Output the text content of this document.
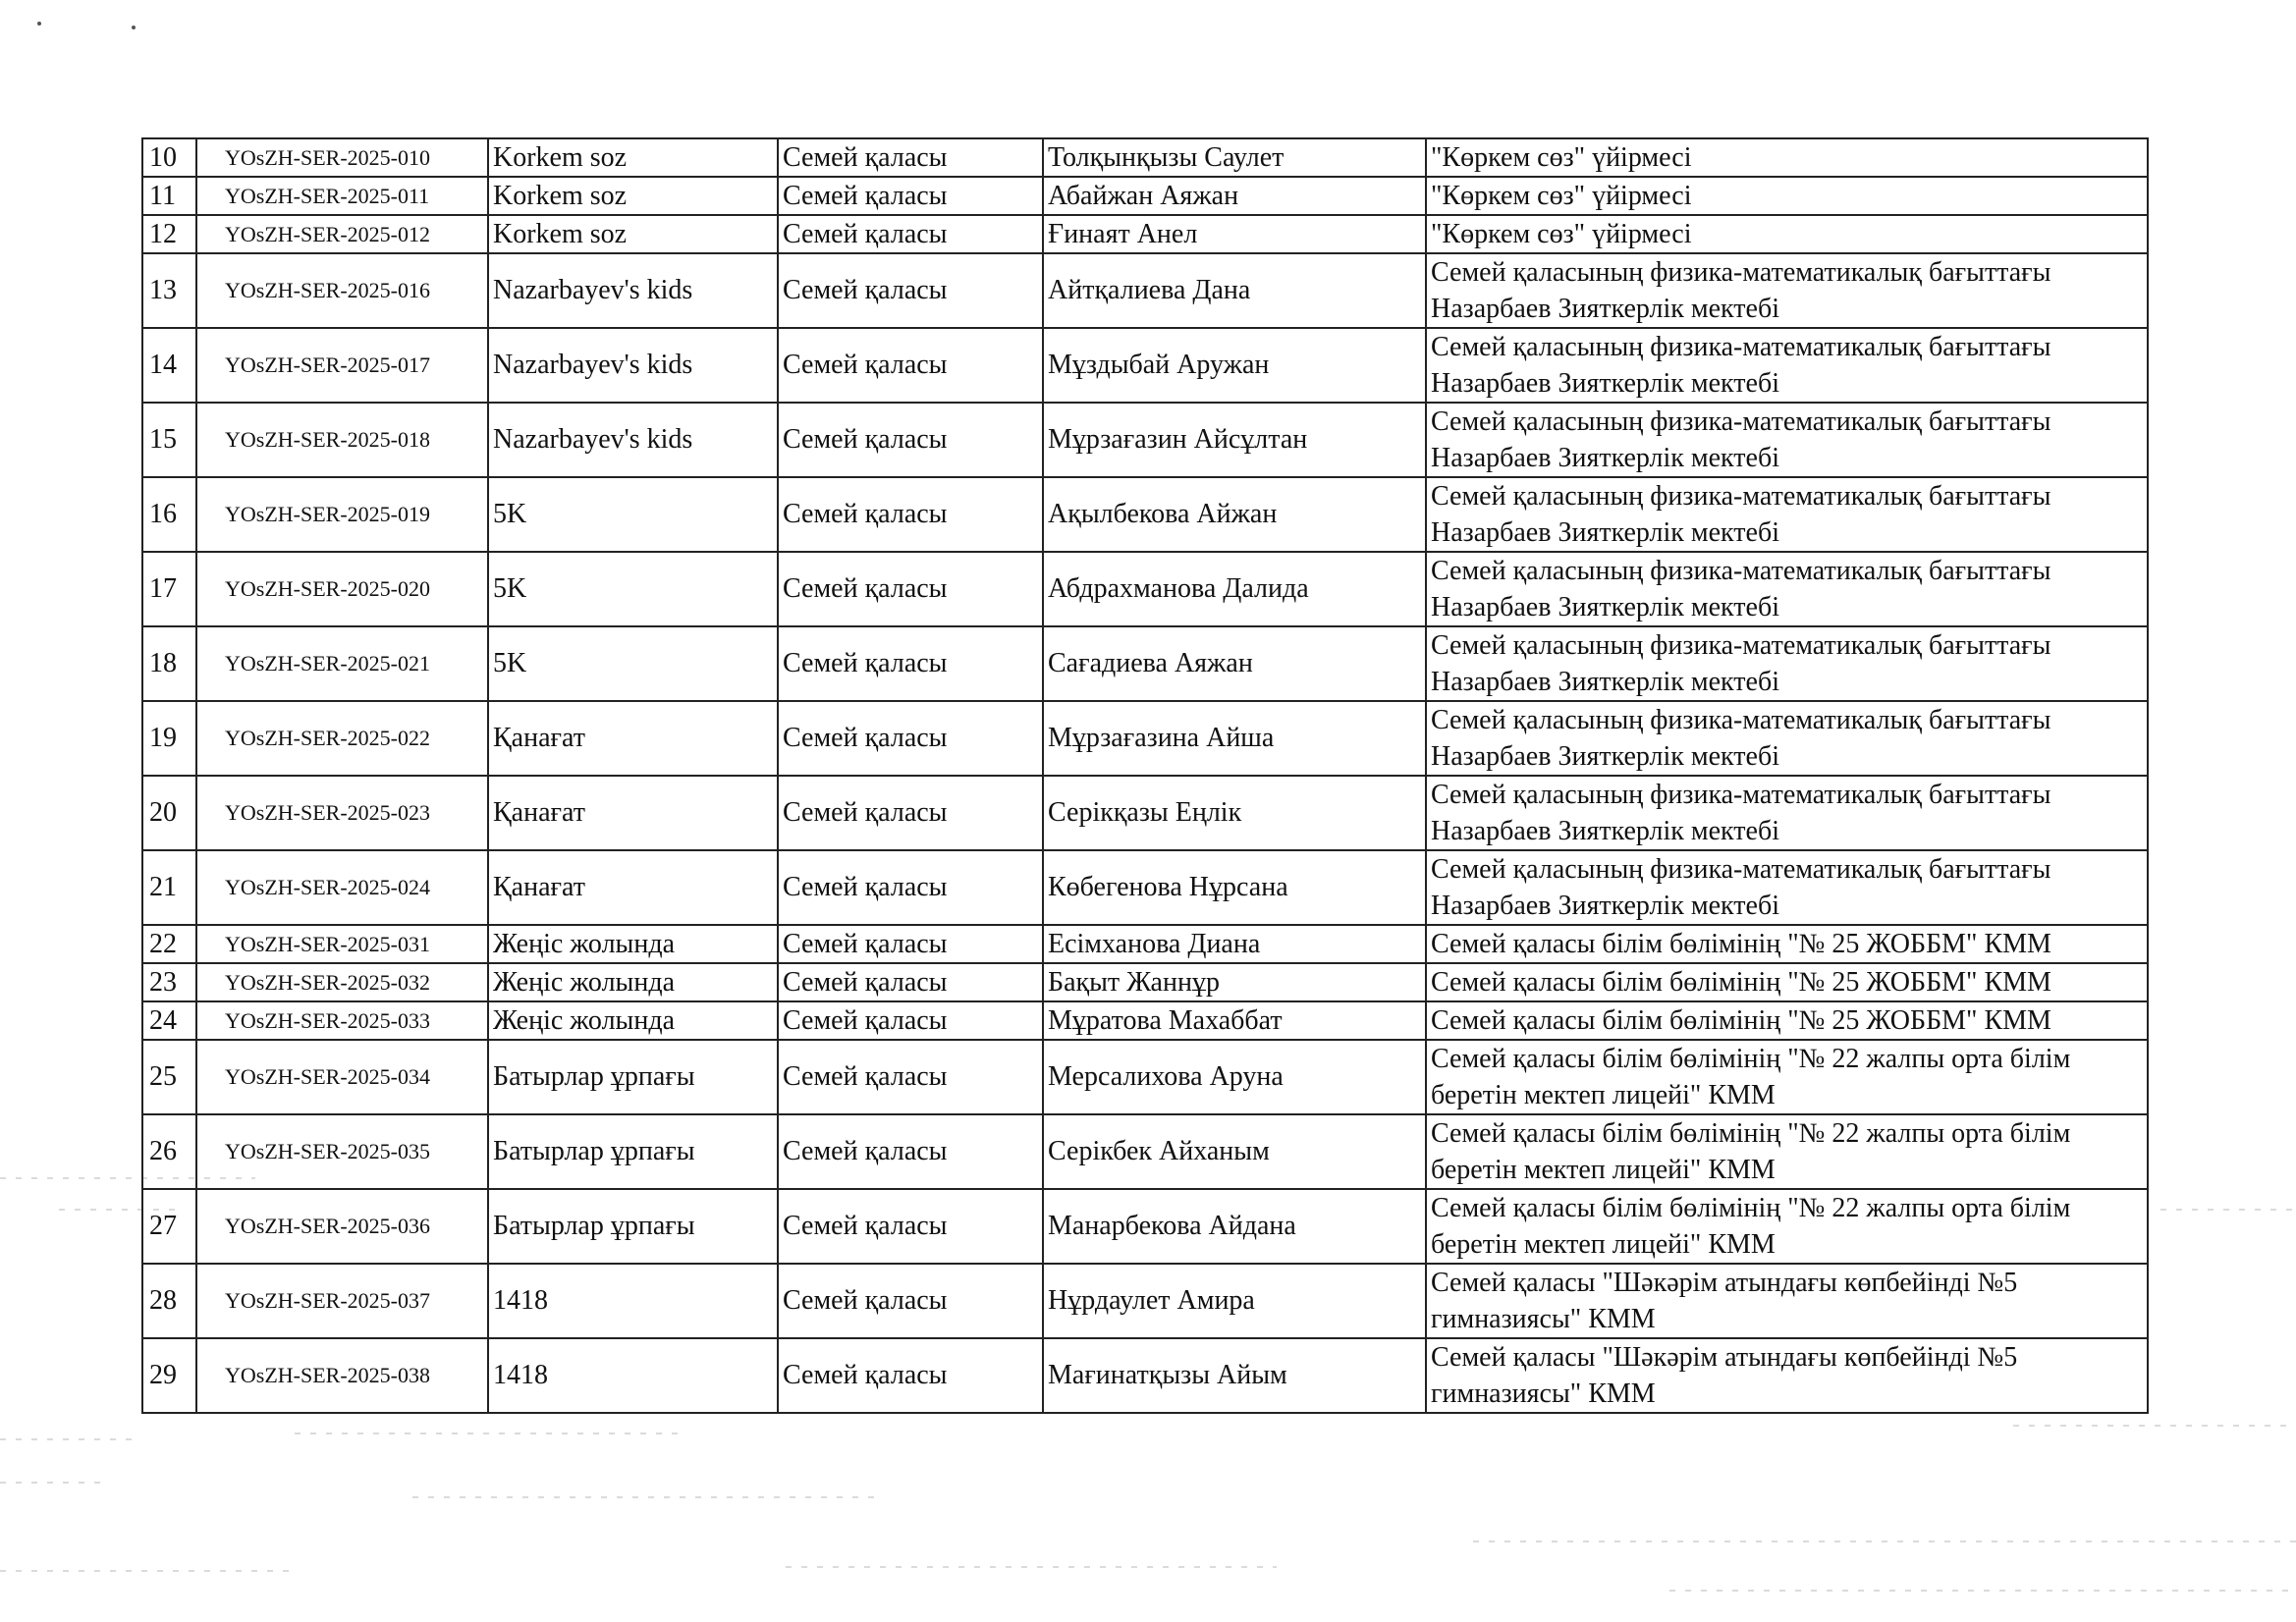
10	YOsZH-SER-2025-010	Korkem soz	Семей қаласы	Толқынқызы Саулет	"Көркем сөз" үйірмесі
11	YOsZH-SER-2025-011	Korkem soz	Семей қаласы	Абайжан Аяжан	"Көркем сөз" үйірмесі
12	YOsZH-SER-2025-012	Korkem soz	Семей қаласы	Ғинаят Анел	"Көркем сөз" үйірмесі
13	YOsZH-SER-2025-016	Nazarbayev's kids	Семей қаласы	Айтқалиева Дана	Семей қаласының физика-математикалық бағыттағы Назарбаев Зияткерлік мектебі
14	YOsZH-SER-2025-017	Nazarbayev's kids	Семей қаласы	Мұздыбай Аружан	Семей қаласының физика-математикалық бағыттағы Назарбаев Зияткерлік мектебі
15	YOsZH-SER-2025-018	Nazarbayev's kids	Семей қаласы	Мұрзағазин Айсұлтан	Семей қаласының физика-математикалық бағыттағы Назарбаев Зияткерлік мектебі
16	YOsZH-SER-2025-019	5K	Семей қаласы	Ақылбекова Айжан	Семей қаласының физика-математикалық бағыттағы Назарбаев Зияткерлік мектебі
17	YOsZH-SER-2025-020	5K	Семей қаласы	Абдрахманова Далида	Семей қаласының физика-математикалық бағыттағы Назарбаев Зияткерлік мектебі
18	YOsZH-SER-2025-021	5K	Семей қаласы	Сағадиева Аяжан	Семей қаласының физика-математикалық бағыттағы Назарбаев Зияткерлік мектебі
19	YOsZH-SER-2025-022	Қанағат	Семей қаласы	Мұрзағазина Айша	Семей қаласының физика-математикалық бағыттағы Назарбаев Зияткерлік мектебі
20	YOsZH-SER-2025-023	Қанағат	Семей қаласы	Серікқазы Еңлік	Семей қаласының физика-математикалық бағыттағы Назарбаев Зияткерлік мектебі
21	YOsZH-SER-2025-024	Қанағат	Семей қаласы	Көбегенова Нұрсана	Семей қаласының физика-математикалық бағыттағы Назарбаев Зияткерлік мектебі
22	YOsZH-SER-2025-031	Жеңіс жолында	Семей қаласы	Есімханова Диана	Семей қаласы білім бөлімінің "№ 25 ЖОББМ" КММ
23	YOsZH-SER-2025-032	Жеңіс жолында	Семей қаласы	Бақыт Жаннұр	Семей қаласы білім бөлімінің "№ 25 ЖОББМ" КММ
24	YOsZH-SER-2025-033	Жеңіс жолында	Семей қаласы	Мұратова Махаббат	Семей қаласы білім бөлімінің "№ 25 ЖОББМ" КММ
25	YOsZH-SER-2025-034	Батырлар ұрпағы	Семей қаласы	Мерсалихова Аруна	Семей қаласы білім бөлімінің "№ 22 жалпы орта білім беретін мектеп лицейі" КММ
26	YOsZH-SER-2025-035	Батырлар ұрпағы	Семей қаласы	Серікбек Айханым	Семей қаласы білім бөлімінің "№ 22 жалпы орта білім беретін мектеп лицейі" КММ
27	YOsZH-SER-2025-036	Батырлар ұрпағы	Семей қаласы	Манарбекова Айдана	Семей қаласы білім бөлімінің "№ 22 жалпы орта білім беретін мектеп лицейі" КММ
28	YOsZH-SER-2025-037	1418	Семей қаласы	Нұрдаулет Амира	Семей қаласы "Шәкәрім атындағы көпбейінді №5 гимназиясы" КММ
29	YOsZH-SER-2025-038	1418	Семей қаласы	Мағинатқызы Айым	Семей қаласы "Шәкәрім атындағы көпбейінді №5 гимназиясы" КММ
